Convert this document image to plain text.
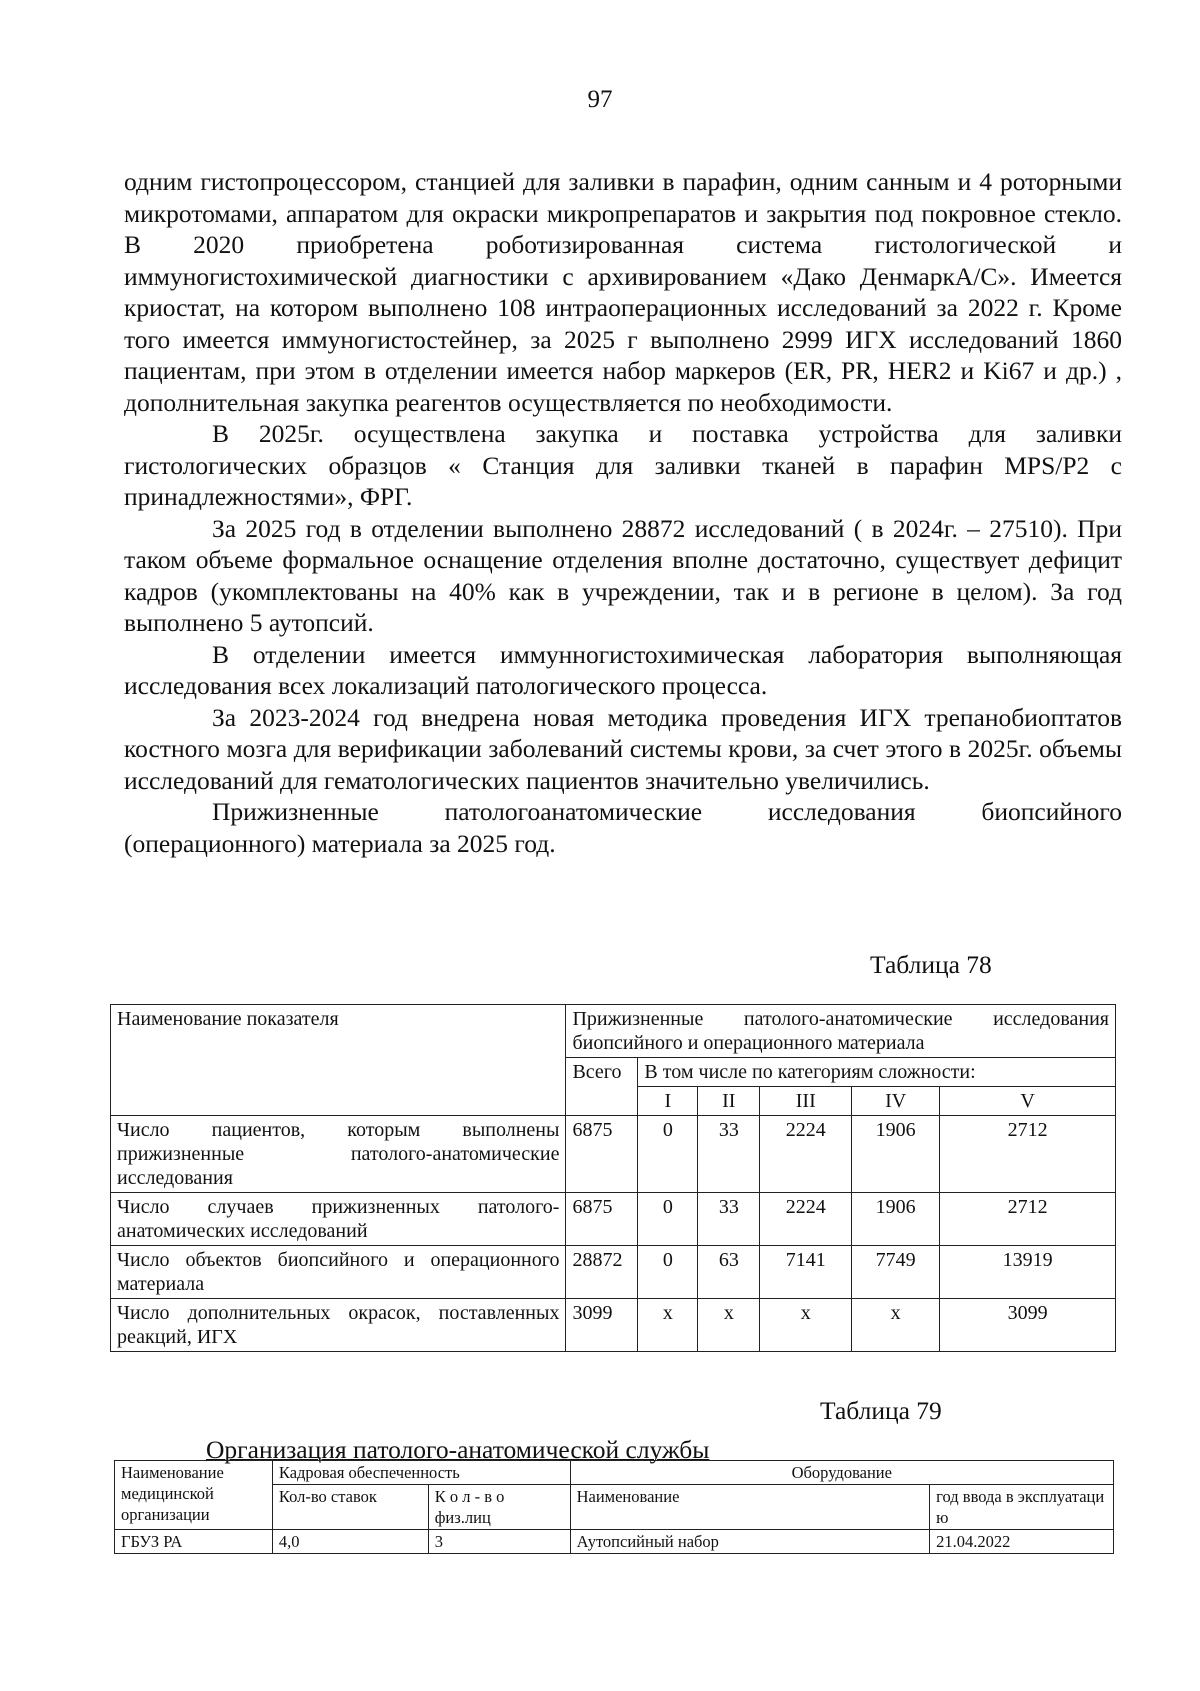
97

одним гистопроцессором, станцией для заливки в парафин, одним санным и 4 роторными микротомами, аппаратом для окраски микропрепаратов и закрытия под покровное стекло. В 2020 приобретена роботизированная система гистологической и иммуногистохимической диагностики с архивированием «Дако ДенмаркА/С». Имеется криостат, на котором выполнено 108 интраоперационных исследований за 2022 г. Кроме того имеется иммуногистостейнер, за 2025 г выполнено 2999 ИГХ исследований 1860 пациентам, при этом в отделении имеется набор маркеров (ER, PR, HER2 и Ki67 и др.) , дополнительная закупка реагентов осуществляется по необходимости.

В 2025г. осуществлена закупка и поставка устройства для заливки гистологических образцов « Станция для заливки тканей в парафин MPS/P2 с принадлежностями», ФРГ.

За 2025 год в отделении выполнено 28872 исследований ( в 2024г. – 27510). При таком объеме формальное оснащение отделения вполне достаточно, существует дефицит кадров (укомплектованы на 40% как в учреждении, так и в регионе в целом). За год выполнено 5 аутопсий.

В отделении имеется иммунногистохимическая лаборатория выполняющая исследования всех локализаций патологического процесса.

За 2023-2024 год внедрена новая методика проведения ИГХ трепанобиоптатов костного мозга для верификации заболеваний системы крови, за счет этого в 2025г. объемы исследований для гематологических пациентов значительно увеличились.

Прижизненные патологоанатомические исследования биопсийного (операционного) материала за 2025 год.

Таблица 78
Наименование показателя	Прижизненные патолого-анатомические исследования биопсийного и операционного материала					
	Всего	В том числе по категориям сложности:				
		I	II	III	IV	V
Число пациентов, которым выполнены прижизненные патолого-анатомические исследования	6875	0	33	2224	1906	2712
Число случаев прижизненных патолого-анатомических исследований	6875	0	33	2224	1906	2712
Число объектов биопсийного и операционного материала	28872	0	63	7141	7749	13919
Число дополнительных окрасок, поставленных реакций, ИГХ	3099	х	х	х	х	3099
Таблица 79
Организация патолого-анатомической службы
Наименование медицинской организации	Кадровая обеспеченность		Оборудование	
	Кол-во ставок	К о л - в о физ.лиц	Наименование	год ввода в эксплуатаци ю
ГБУЗ РА	4,0	3	Аутопсийный набор	21.04.2022
